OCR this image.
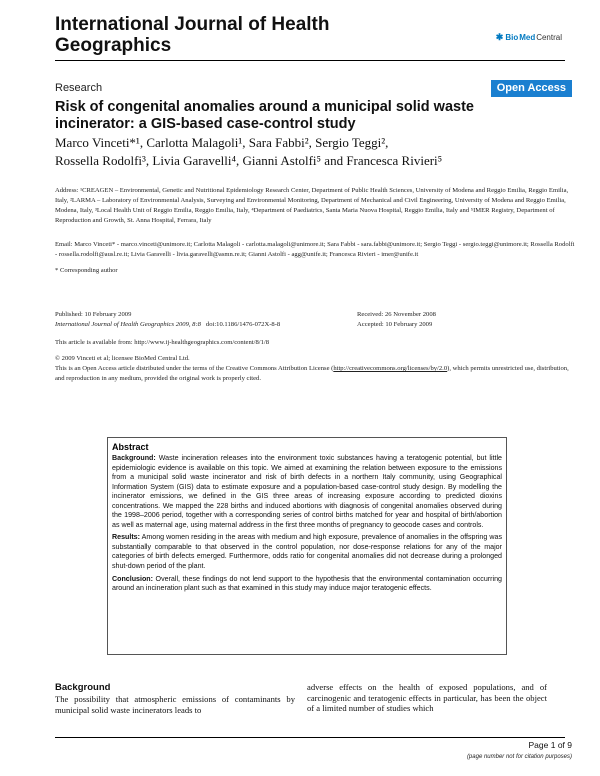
International Journal of Health
Geographics	✱ Bio Med Central
Research	Open Access
Risk of congenital anomalies around a municipal solid waste
incinerator: a GIS-based case-control study
Marco Vinceti*¹, Carlotta Malagoli¹, Sara Fabbi², Sergio Teggi²,
Rossella Rodolfi³, Livia Garavelli⁴, Gianni Astolfi⁵ and Francesca Rivieri⁵
Address: ¹CREAGEN – Environmental, Genetic and Nutritional Epidemiology Research Center, Department of Public Health Sciences, University of Modena and Reggio Emilia, Reggio Emilia, Italy, ²LARMA – Laboratory of Environmental Analysis, Surveying and Environmental Monitoring, Department of Mechanical and Civil Engineering, University of Modena and Reggio Emilia, Modena, Italy, ³Local Health Unit of Reggio Emilia, Reggio Emilia, Italy, ⁴Department of Paediatrics, Santa Maria Nuova Hospital, Reggio Emilia, Italy and ⁵IMER Registry, Department of Reproduction and Growth, St. Anna Hospital, Ferrara, Italy
Email: Marco Vinceti* - marco.vinceti@unimore.it; Carlotta Malagoli - carlotta.malagoli@unimore.it; Sara Fabbi - sara.fabbi@unimore.it; Sergio Teggi - sergio.teggi@unimore.it; Rossella Rodolfi - rossella.rodolfi@ausl.re.it; Livia Garavelli - livia.garavelli@asmn.re.it; Gianni Astolfi - agg@unife.it; Francesca Rivieri - imer@unife.it
* Corresponding author
Published: 10 February 2009
International Journal of Health Geographics 2009, 8:8 doi:10.1186/1476-072X-8-8
Received: 26 November 2008
Accepted: 10 February 2009
This article is available from: http://www.ij-healthgeographics.com/content/8/1/8
© 2009 Vinceti et al; licensee BioMed Central Ltd.
This is an Open Access article distributed under the terms of the Creative Commons Attribution License (http://creativecommons.org/licenses/by/2.0), which permits unrestricted use, distribution, and reproduction in any medium, provided the original work is properly cited.
Abstract

Background: Waste incineration releases into the environment toxic substances having a teratogenic potential, but little epidemiologic evidence is available on this topic. We aimed at examining the relation between exposure to the emissions from a municipal solid waste incinerator and risk of birth defects in a northern Italy community, using Geographical Information System (GIS) data to estimate exposure and a population-based case-control study design. By modelling the incinerator emissions, we defined in the GIS three areas of increasing exposure according to predicted dioxins concentrations. We mapped the 228 births and induced abortions with diagnosis of congenital anomalies observed during the 1998–2006 period, together with a corresponding series of control births matched for year and hospital of birth/abortion as well as maternal age, using maternal address in the first three months of pregnancy to geocode cases and controls.

Results: Among women residing in the areas with medium and high exposure, prevalence of anomalies in the offspring was substantially comparable to that observed in the control population, nor dose-response relations for any of the major categories of birth defects emerged. Furthermore, odds ratio for congenital anomalies did not decrease during a prolonged shut-down period of the plant.

Conclusion: Overall, these findings do not lend support to the hypothesis that the environmental contamination occurring around an incineration plant such as that examined in this study may induce major teratogenic effects.

Background
The possibility that atmospheric emissions of contaminants by municipal solid waste incinerators leads to
adverse effects on the health of exposed populations, and of carcinogenic and teratogenic effects in particular, has been the object of a limited number of studies which
Page 1 of 9
(page number not for citation purposes)
